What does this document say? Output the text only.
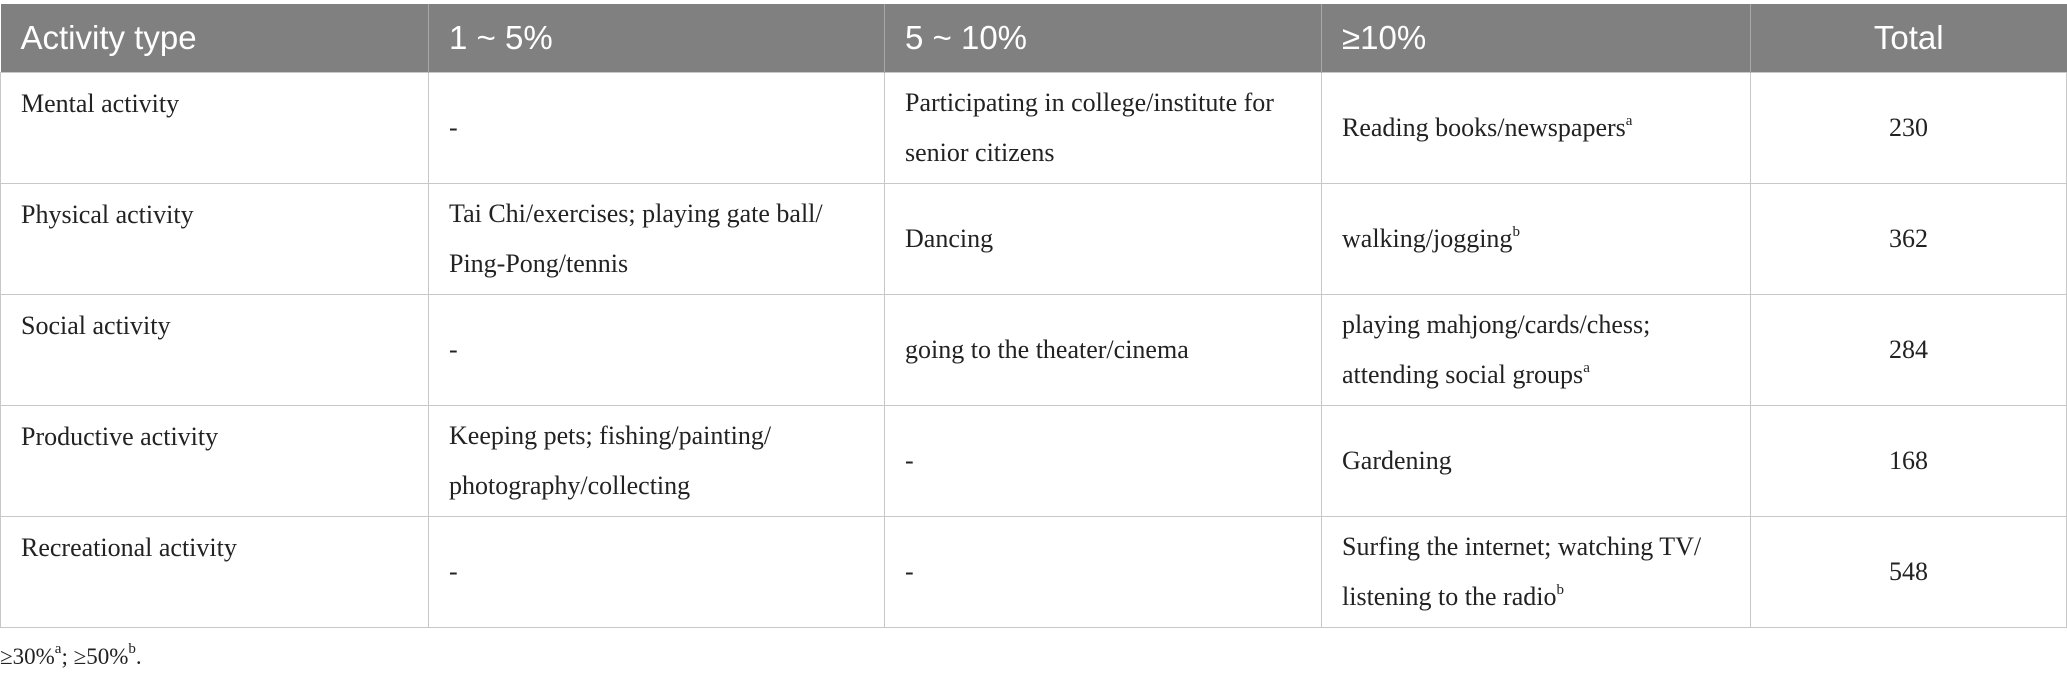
Activity type	1 ~ 5%	5 ~ 10%	≥10%	Total
Mental activity	-	Participating in college/institute for senior citizens	Reading books/newspapers$^a$	230
Physical activity	Tai Chi/exercises; playing gate ball/ Ping-Pong/tennis	Dancing	walking/jogging$^b$	362
Social activity	-	going to the theater/cinema	playing mahjong/cards/chess; attending social groups$^a$	284
Productive activity	Keeping pets; fishing/painting/ photography/collecting	-	Gardening	168
Recreational activity	-	-	Surfing the internet; watching TV/ listening to the radio$^b$	548
≥30%$^a$; ≥50%$^b$.
